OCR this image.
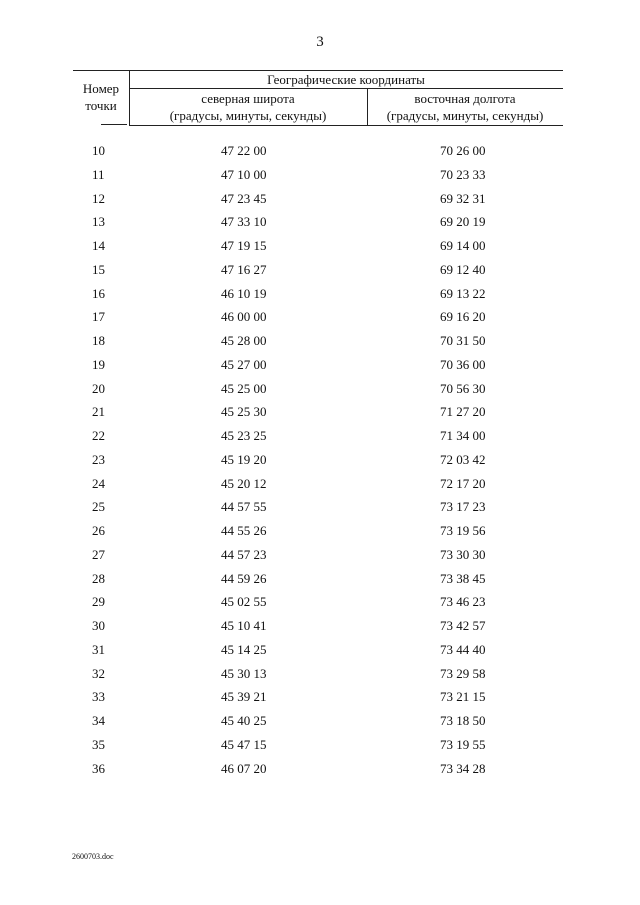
3
Номер
точки
Географические координаты
северная широта
(градусы, минуты, секунды)
восточная долгота
(градусы, минуты, секунды)
10	47 22 00	70 26 00
11	47 10 00	70 23 33
12	47 23 45	69 32 31
13	47 33 10	69 20 19
14	47 19 15	69 14 00
15	47 16 27	69 12 40
16	46 10 19	69 13 22
17	46 00 00	69 16 20
18	45 28 00	70 31 50
19	45 27 00	70 36 00
20	45 25 00	70 56 30
21	45 25 30	71 27 20
22	45 23 25	71 34 00
23	45 19 20	72 03 42
24	45 20 12	72 17 20
25	44 57 55	73 17 23
26	44 55 26	73 19 56
27	44 57 23	73 30 30
28	44 59 26	73 38 45
29	45 02 55	73 46 23
30	45 10 41	73 42 57
31	45 14 25	73 44 40
32	45 30 13	73 29 58
33	45 39 21	73 21 15
34	45 40 25	73 18 50
35	45 47 15	73 19 55
36	46 07 20	73 34 28
2600703.doc
